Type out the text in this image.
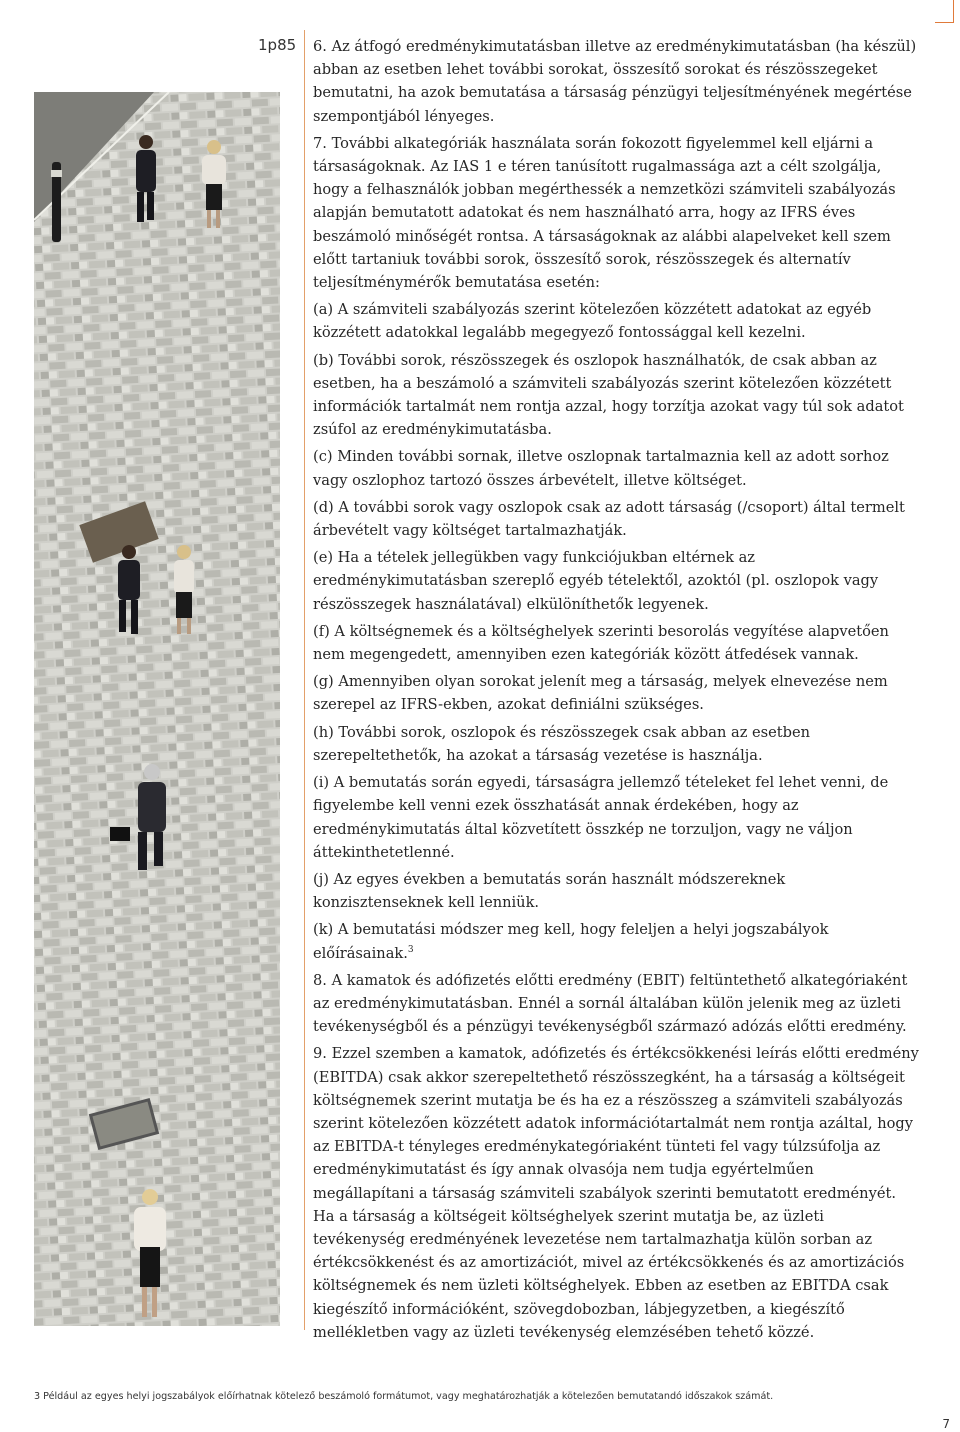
1p85 6. Az átfogó eredménykimutatásban illetve az eredménykimutatásban (ha készül) abban az esetben lehet további sorokat, összesítő sorokat és részösszegeket bemutatni, ha azok bemutatása a társaság pénzügyi teljesítményének megértése szempontjából lényeges.

7. További alkategóriák használata során fokozott figyelemmel kell eljárni a társaságoknak. Az IAS 1 e téren tanúsított rugalmassága azt a célt szolgálja, hogy a felhasználók jobban megérthessék a nemzetközi számviteli szabályozás alapján bemutatott adatokat és nem használható arra, hogy az IFRS éves beszámoló minőségét rontsa. A társaságoknak az alábbi alapelveket kell szem előtt tartaniuk további sorok, összesítő sorok, részösszegek és alternatív teljesítménymérők bemutatása esetén:

(a) A számviteli szabályozás szerint kötelezően közzétett adatokat az egyéb közzétett adatokkal legalább megegyező fontossággal kell kezelni.

(b) További sorok, részösszegek és oszlopok használhatók, de csak abban az esetben, ha a beszámoló a számviteli szabályozás szerint kötelezően közzétett információk tartalmát nem rontja azzal, hogy torzítja azokat vagy túl sok adatot zsúfol az eredménykimutatásba.

(c) Minden további sornak, illetve oszlopnak tartalmaznia kell az adott sorhoz vagy oszlophoz tartozó összes árbevételt, illetve költséget.

(d) A további sorok vagy oszlopok csak az adott társaság (/csoport) által termelt árbevételt vagy költséget tartalmazhatják.

(e) Ha a tételek jellegükben vagy funkciójukban eltérnek az eredménykimutatásban szereplő egyéb tételektől, azoktól (pl. oszlopok vagy részösszegek használatával) elkülöníthetők legyenek.

(f) A költségnemek és a költséghelyek szerinti besorolás vegyítése alapvetően nem megengedett, amennyiben ezen kategóriák között átfedések vannak.

(g) Amennyiben olyan sorokat jelenít meg a társaság, melyek elnevezése nem szerepel az IFRS-ekben, azokat definiálni szükséges.

(h) További sorok, oszlopok és részösszegek csak abban az esetben szerepeltethetők, ha azokat a társaság vezetése is használja.

(i) A bemutatás során egyedi, társaságra jellemző tételeket fel lehet venni, de figyelembe kell venni ezek összhatását annak érdekében, hogy az eredménykimutatás által közvetített összkép ne torzuljon, vagy ne váljon áttekinthetetlenné.

(j) Az egyes években a bemutatás során használt módszereknek konzisztenseknek kell lenniük.

(k) A bemutatási módszer meg kell, hogy feleljen a helyi jogszabályok előírásainak.$^3$

8. A kamatok és adófizetés előtti eredmény (EBIT) feltüntethető alkategóriaként az eredménykimutatásban. Ennél a sornál általában külön jelenik meg az üzleti tevékenységből és a pénzügyi tevékenységből származó adózás előtti eredmény.

9. Ezzel szemben a kamatok, adófizetés és értékcsökkenési leírás előtti eredmény (EBITDA) csak akkor szerepeltethető részösszegként, ha a társaság a költségeit költségnemek szerint mutatja be és ha ez a részösszeg a számviteli szabályozás szerint kötelezően közzétett adatok információtartalmát nem rontja azáltal, hogy az EBITDA-t tényleges eredménykategóriaként tünteti fel vagy túlzsúfolja az eredménykimutatást és így annak olvasója nem tudja egyértelműen megállapítani a társaság számviteli szabályok szerinti bemutatott eredményét. Ha a társaság a költségeit költséghelyek szerint mutatja be, az üzleti tevékenység eredményének levezetése nem tartalmazhatja külön sorban az értékcsökkenést és az amortizációt, mivel az értékcsökkenés és az amortizációs költségnemek és nem üzleti költséghelyek. Ebben az esetben az EBITDA csak kiegészítő információként, szövegdobozban, lábjegyzetben, a kiegészítő mellékletben vagy az üzleti tevékenység elemzésében tehető közzé.

3 Például az egyes helyi jogszabályok előírhatnak kötelező beszámoló formátumot, vagy meghatározhatják a kötelezően bemutatandó időszakok számát.
7
